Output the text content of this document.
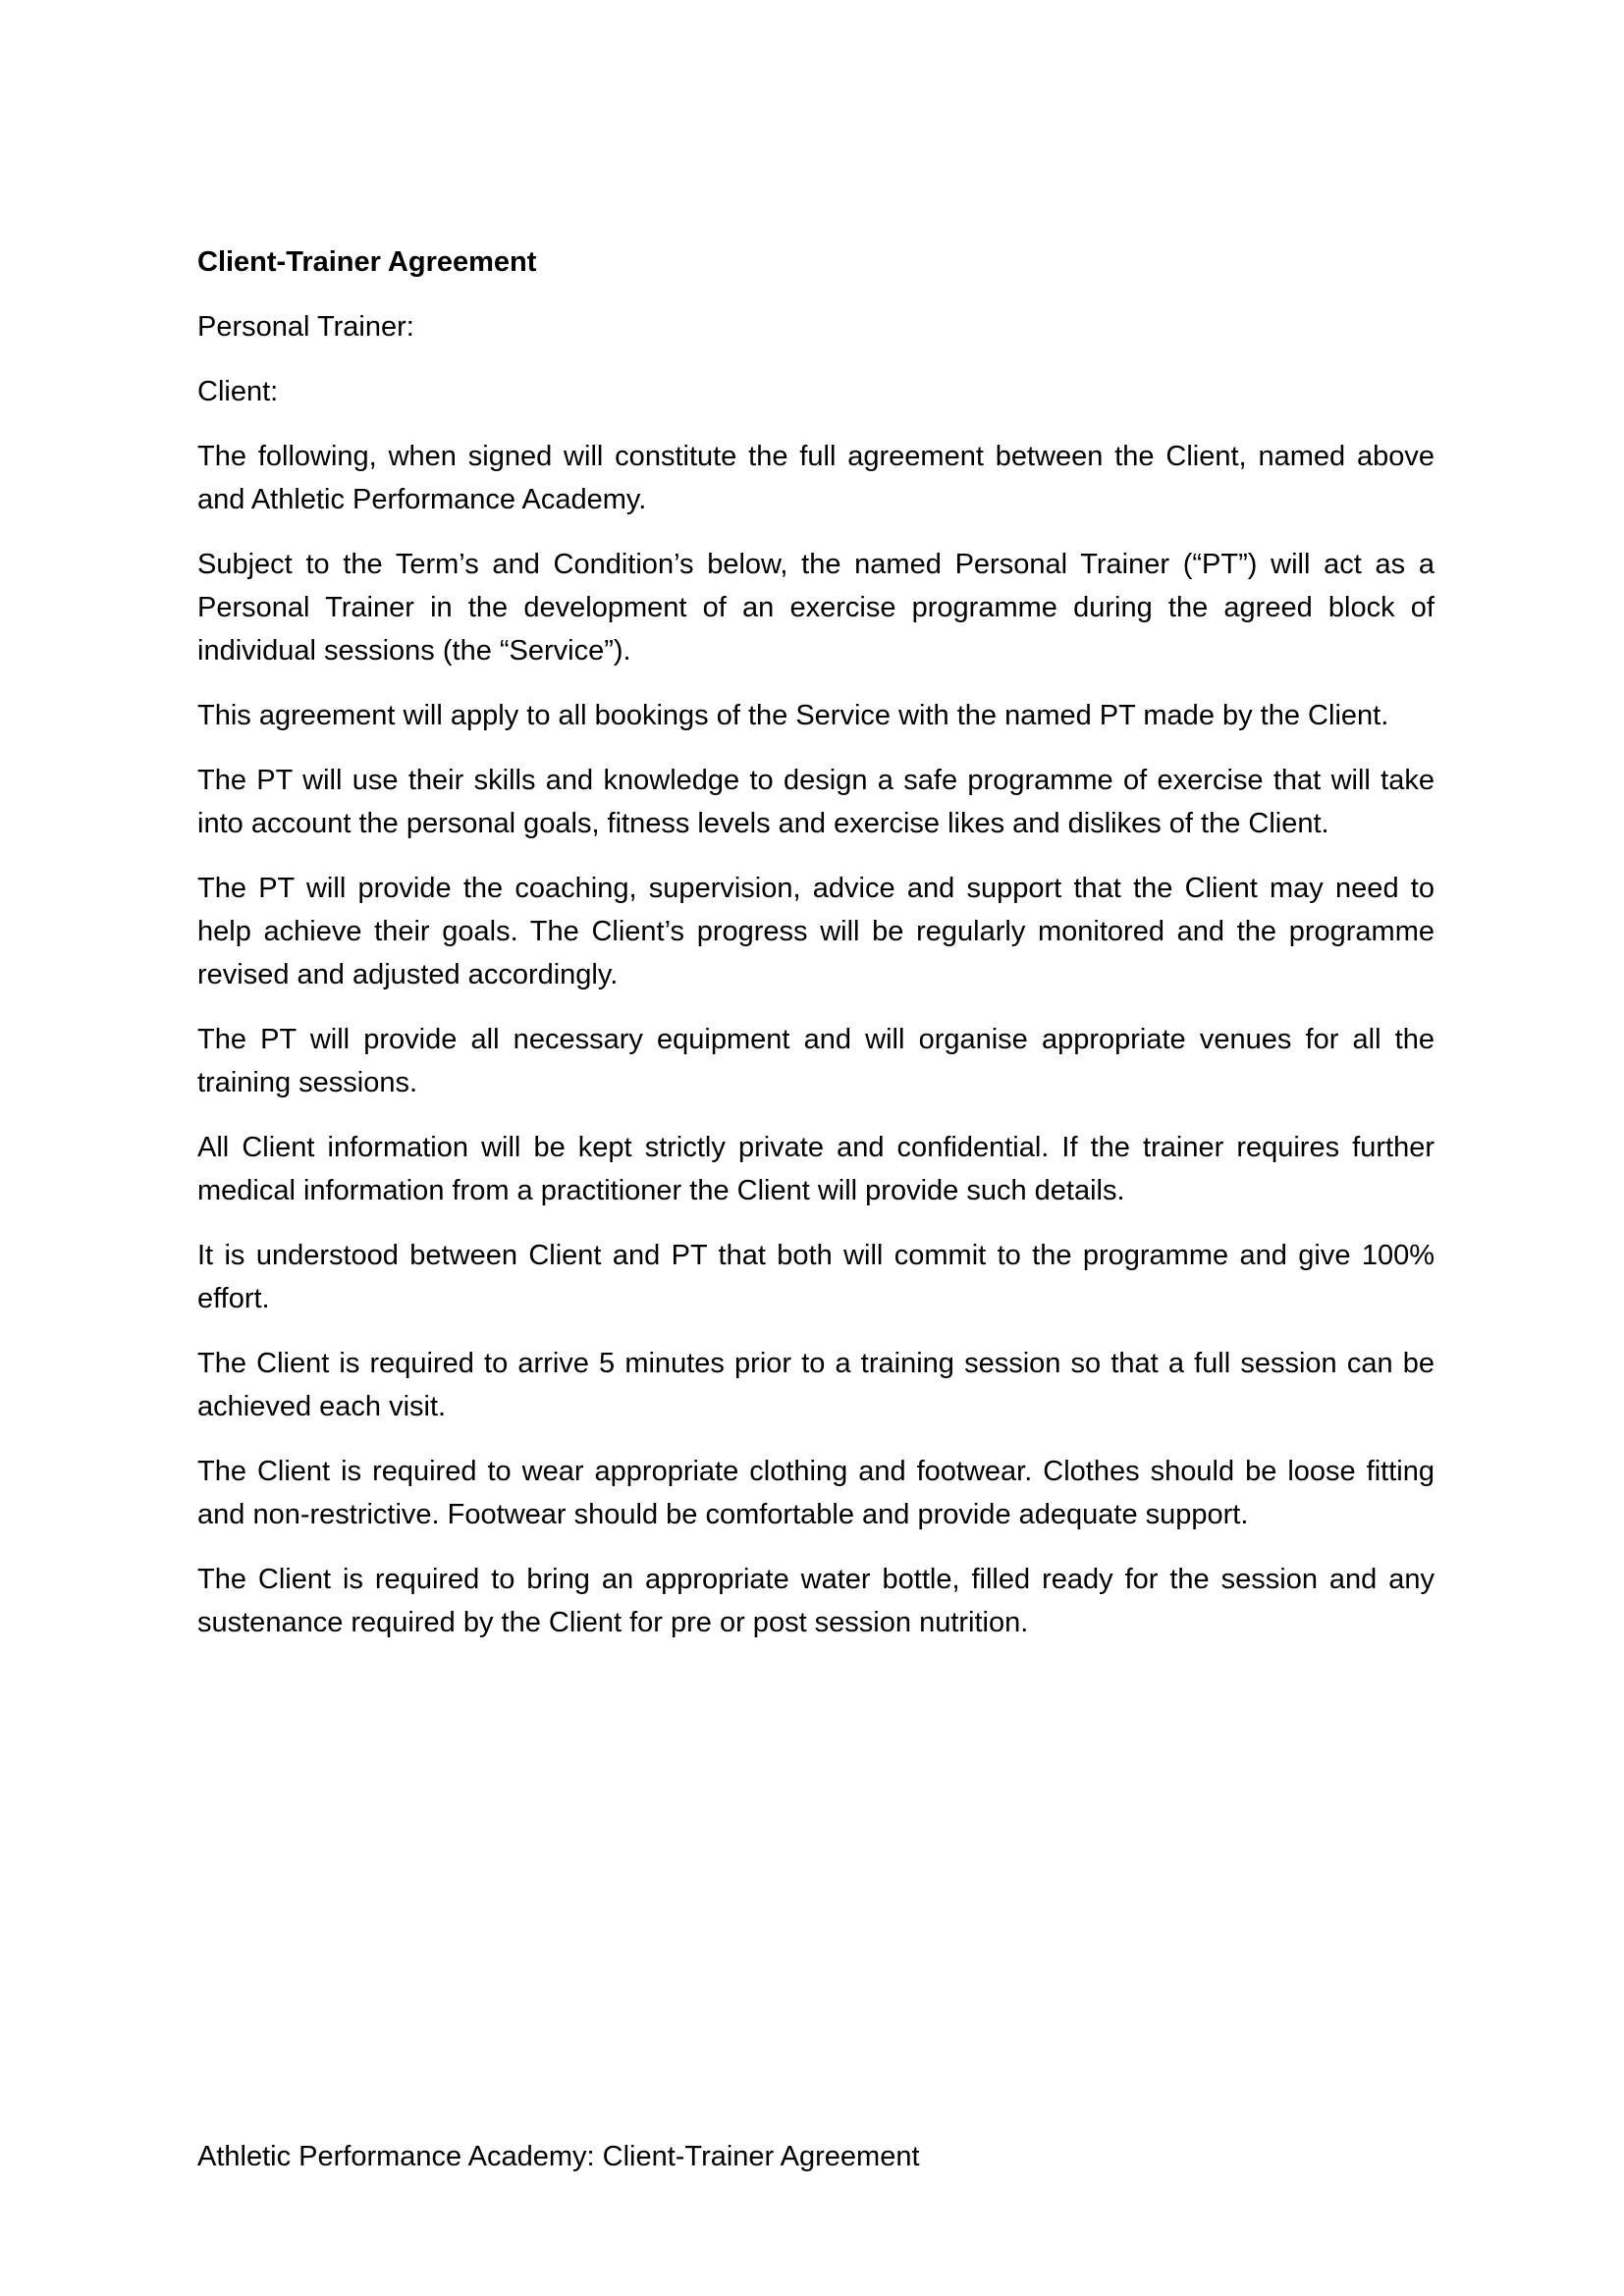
Client-Trainer Agreement

Personal Trainer:

Client:

The following, when signed will constitute the full agreement between the Client, named above and Athletic Performance Academy.

Subject to the Term’s and Condition’s below, the named Personal Trainer (“PT”) will act as a Personal Trainer in the development of an exercise programme during the agreed block of individual sessions (the “Service”).

This agreement will apply to all bookings of the Service with the named PT made by the Client.

The PT will use their skills and knowledge to design a safe programme of exercise that will take into account the personal goals, fitness levels and exercise likes and dislikes of the Client.

The PT will provide the coaching, supervision, advice and support that the Client may need to help achieve their goals. The Client’s progress will be regularly monitored and the programme revised and adjusted accordingly.

The PT will provide all necessary equipment and will organise appropriate venues for all the training sessions.

All Client information will be kept strictly private and confidential. If the trainer requires further medical information from a practitioner the Client will provide such details.

It is understood between Client and PT that both will commit to the programme and give 100% effort.

The Client is required to arrive 5 minutes prior to a training session so that a full session can be achieved each visit.

The Client is required to wear appropriate clothing and footwear. Clothes should be loose fitting and non-restrictive. Footwear should be comfortable and provide adequate support.

The Client is required to bring an appropriate water bottle, filled ready for the session and any sustenance required by the Client for pre or post session nutrition.

Athletic Performance Academy: Client-Trainer Agreement
